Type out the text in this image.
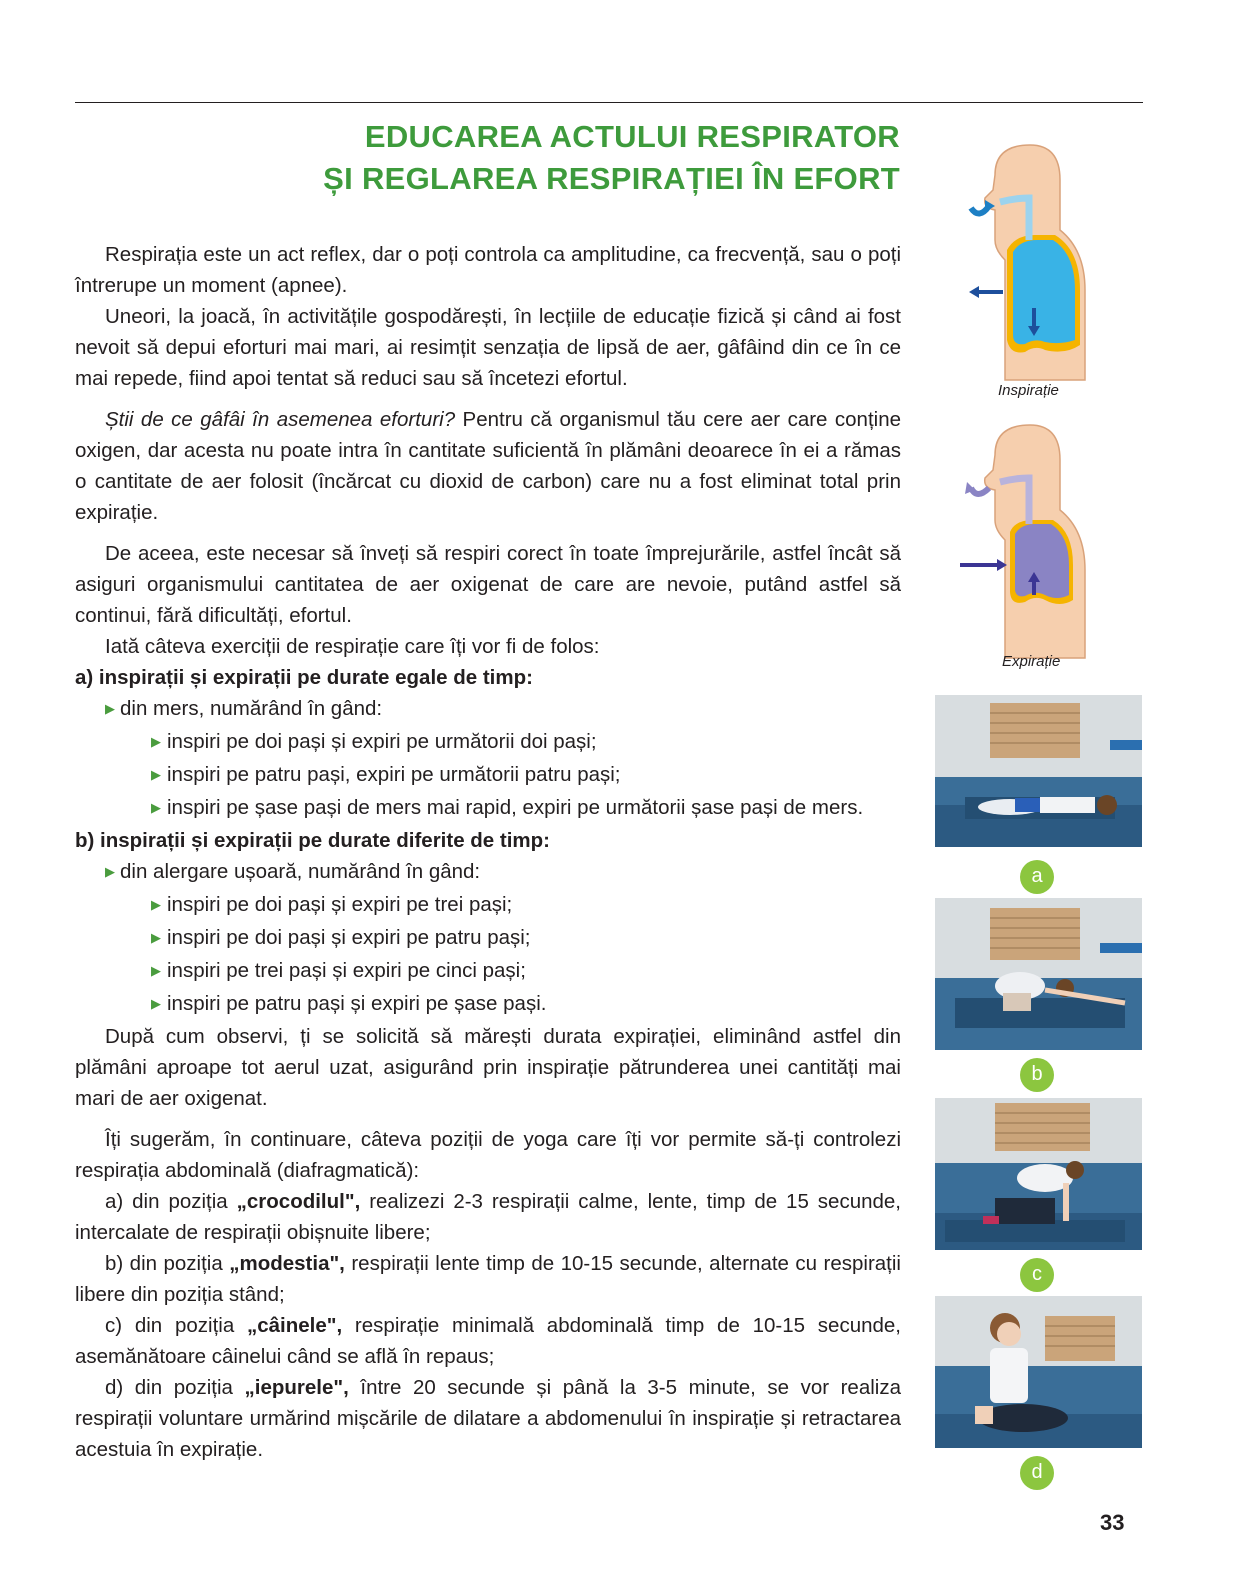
EDUCAREA ACTULUI RESPIRATOR
ȘI REGLAREA RESPIRAȚIEI ÎN EFORT

Respirația este un act reflex, dar o poți controla ca amplitudine, ca frecvență, sau o poți întrerupe un moment (apnee).

Uneori, la joacă, în activitățile gospodărești, în lecțiile de educație fizică și când ai fost nevoit să depui eforturi mai mari, ai resimțit senzația de lipsă de aer, gâfâind din ce în ce mai repede, fiind apoi tentat să reduci sau să încetezi efortul.

Știi de ce gâfâi în asemenea eforturi? Pentru că organismul tău cere aer care conține oxigen, dar acesta nu poate intra în cantitate suficientă în plămâni deoarece în ei a rămas o cantitate de aer folosit (încărcat cu dioxid de carbon) care nu a fost eliminat total prin expirație.

De aceea, este necesar să înveți să respiri corect în toate împrejurările, astfel încât să asiguri organismului cantitatea de aer oxigenat de care are nevoie, putând astfel să continui, fără dificultăți, efortul.

Iată câteva exerciții de respirație care îți vor fi de folos:

a) inspirații și expirații pe durate egale de timp:

▶ din mers, numărând în gând:

▶ inspiri pe doi pași și expiri pe următorii doi pași;

▶ inspiri pe patru pași, expiri pe următorii patru pași;

▶ inspiri pe șase pași de mers mai rapid, expiri pe următorii șase pași de mers.

b) inspirații și expirații pe durate diferite de timp:

▶ din alergare ușoară, numărând în gând:

▶ inspiri pe doi pași și expiri pe trei pași;

▶ inspiri pe doi pași și expiri pe patru pași;

▶ inspiri pe trei pași și expiri pe cinci pași;

▶ inspiri pe patru pași și expiri pe șase pași.

După cum observi, ți se solicită să mărești durata expirației, eliminând astfel din plămâni aproape tot aerul uzat, asigurând prin inspirație pătrunderea unei cantități mai mari de aer oxigenat.

Îți sugerăm, în continuare, câteva poziții de yoga care îți vor permite să-ți controlezi respirația abdominală (diafragmatică):

a) din poziția „crocodilul", realizezi 2-3 respirații calme, lente, timp de 15 secunde, intercalate de respirații obișnuite libere;

b) din poziția „modestia", respirații lente timp de 10-15 secunde, alternate cu respirații libere din poziția stând;

c) din poziția „câinele", respirație minimală abdominală timp de 10-15 secunde, asemănătoare câinelui când se află în repaus;

d) din poziția „iepurele", între 20 secunde și până la 3-5 minute, se vor realiza respirații voluntare urmărind mișcările de dilatare a abdomenului în inspirație și retractarea acestuia în expirație.

Inspirație
Expirație
a
b
c
d
33
